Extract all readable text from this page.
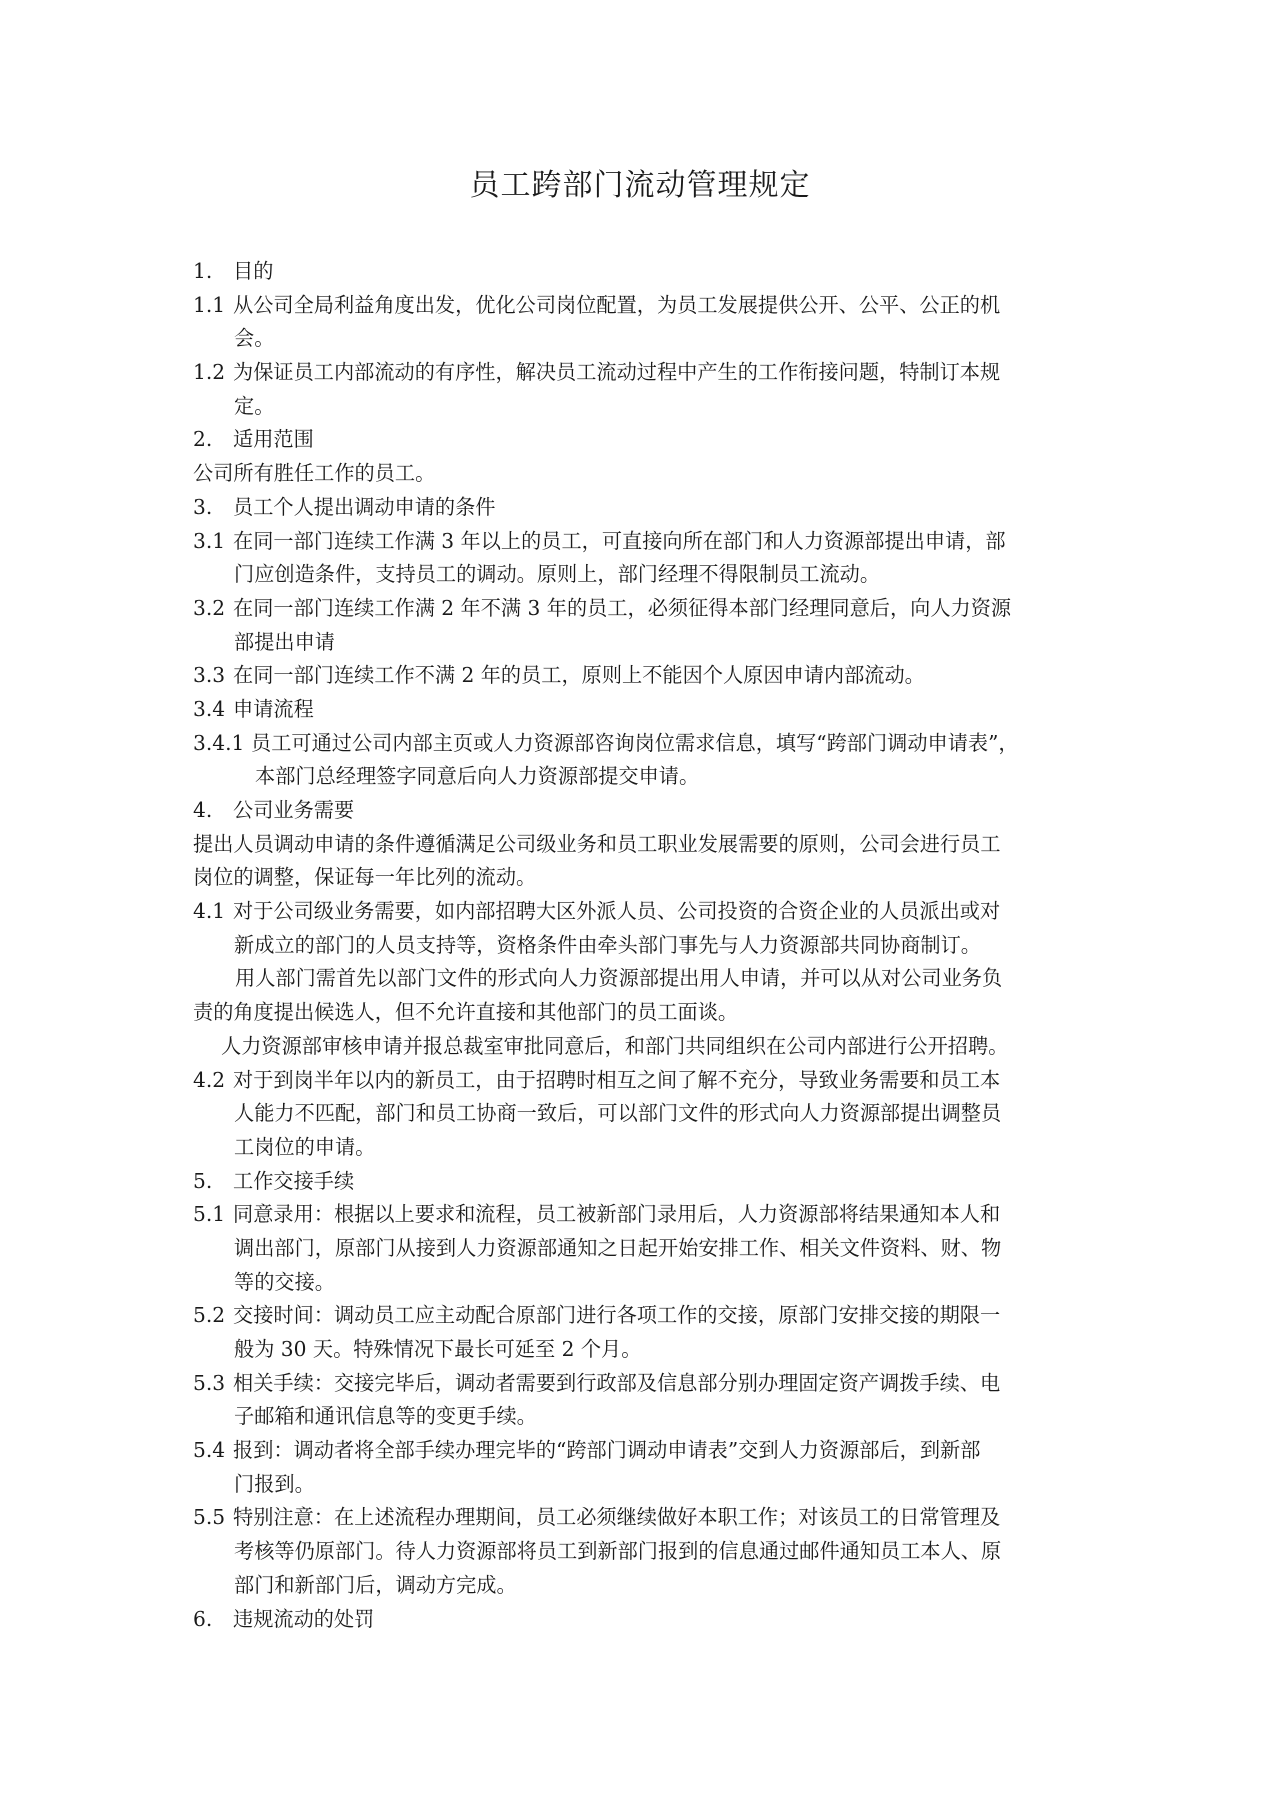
员工跨部门流动管理规定
1. 目的
1.1 从公司全局利益角度出发，优化公司岗位配置，为员工发展提供公开、公平、公正的机
会。
1.2 为保证员工内部流动的有序性，解决员工流动过程中产生的工作衔接问题，特制订本规
定。
2. 适用范围
公司所有胜任工作的员工。
3. 员工个人提出调动申请的条件
3.1 在同一部门连续工作满 3 年以上的员工，可直接向所在部门和人力资源部提出申请，部
门应创造条件，支持员工的调动。原则上，部门经理不得限制员工流动。
3.2 在同一部门连续工作满 2 年不满 3 年的员工，必须征得本部门经理同意后，向人力资源
部提出申请
3.3 在同一部门连续工作不满 2 年的员工，原则上不能因个人原因申请内部流动。
3.4 申请流程
3.4.1 员工可通过公司内部主页或人力资源部咨询岗位需求信息，填写“跨部门调动申请表”，
本部门总经理签字同意后向人力资源部提交申请。
4. 公司业务需要
提出人员调动申请的条件遵循满足公司级业务和员工职业发展需要的原则，公司会进行员工
岗位的调整，保证每一年比列的流动。
4.1 对于公司级业务需要，如内部招聘大区外派人员、公司投资的合资企业的人员派出或对
新成立的部门的人员支持等，资格条件由牵头部门事先与人力资源部共同协商制订。
用人部门需首先以部门文件的形式向人力资源部提出用人申请，并可以从对公司业务负
责的角度提出候选人，但不允许直接和其他部门的员工面谈。
人力资源部审核申请并报总裁室审批同意后，和部门共同组织在公司内部进行公开招聘。
4.2 对于到岗半年以内的新员工，由于招聘时相互之间了解不充分，导致业务需要和员工本
人能力不匹配，部门和员工协商一致后，可以部门文件的形式向人力资源部提出调整员
工岗位的申请。
5. 工作交接手续
5.1 同意录用：根据以上要求和流程，员工被新部门录用后，人力资源部将结果通知本人和
调出部门，原部门从接到人力资源部通知之日起开始安排工作、相关文件资料、财、物
等的交接。
5.2 交接时间：调动员工应主动配合原部门进行各项工作的交接，原部门安排交接的期限一
般为 30 天。特殊情况下最长可延至 2 个月。
5.3 相关手续：交接完毕后，调动者需要到行政部及信息部分别办理固定资产调拨手续、电
子邮箱和通讯信息等的变更手续。
5.4 报到：调动者将全部手续办理完毕的“跨部门调动申请表”交到人力资源部后，到新部
门报到。
5.5 特别注意：在上述流程办理期间，员工必须继续做好本职工作；对该员工的日常管理及
考核等仍原部门。待人力资源部将员工到新部门报到的信息通过邮件通知员工本人、原
部门和新部门后，调动方完成。
6. 违规流动的处罚
